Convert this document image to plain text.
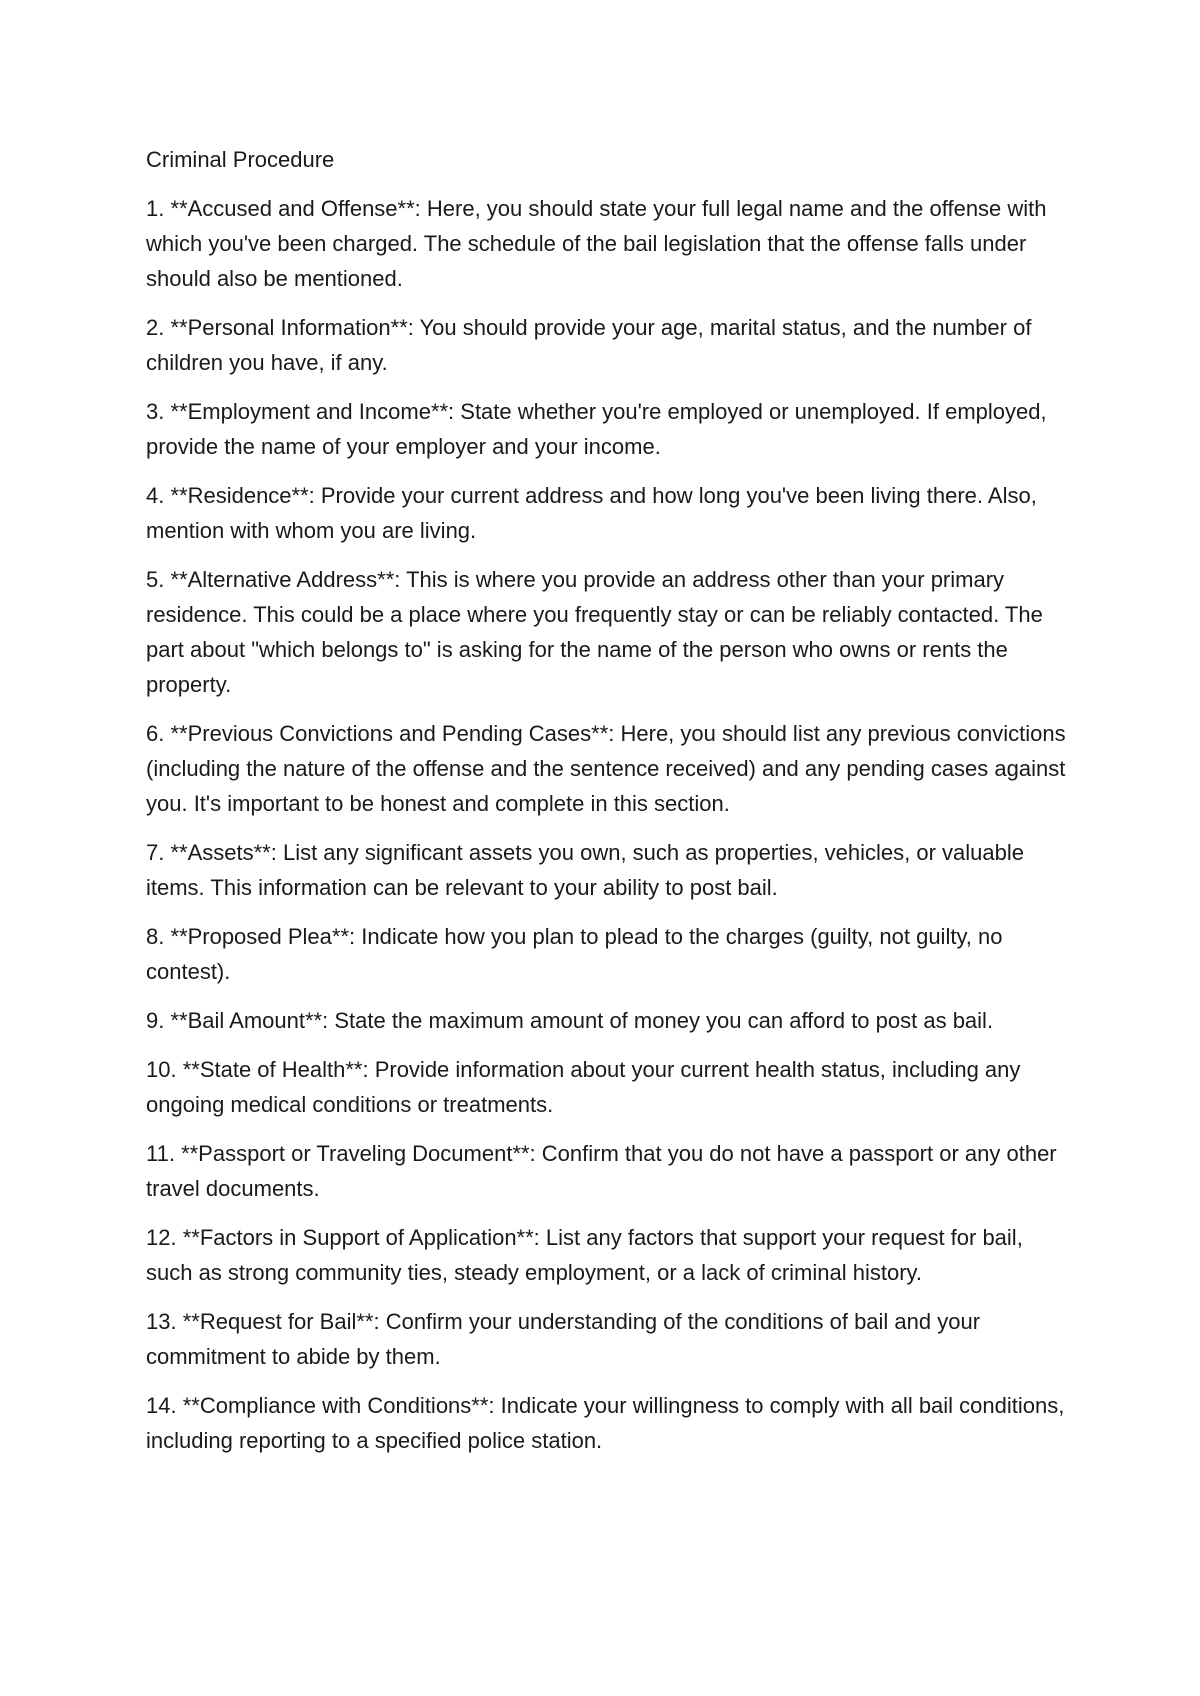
Criminal Procedure

1. **Accused and Offense**: Here, you should state your full legal name and the offense with which you've been charged. The schedule of the bail legislation that the offense falls under should also be mentioned.

2. **Personal Information**: You should provide your age, marital status, and the number of children you have, if any.

3. **Employment and Income**: State whether you're employed or unemployed. If employed, provide the name of your employer and your income.

4. **Residence**: Provide your current address and how long you've been living there. Also, mention with whom you are living.

5. **Alternative Address**: This is where you provide an address other than your primary residence. This could be a place where you frequently stay or can be reliably contacted. The part about "which belongs to" is asking for the name of the person who owns or rents the property.

6. **Previous Convictions and Pending Cases**: Here, you should list any previous convictions (including the nature of the offense and the sentence received) and any pending cases against you. It's important to be honest and complete in this section.

7. **Assets**: List any significant assets you own, such as properties, vehicles, or valuable items. This information can be relevant to your ability to post bail.

8. **Proposed Plea**: Indicate how you plan to plead to the charges (guilty, not guilty, no contest).

9. **Bail Amount**: State the maximum amount of money you can afford to post as bail.

10. **State of Health**: Provide information about your current health status, including any ongoing medical conditions or treatments.

11. **Passport or Traveling Document**: Confirm that you do not have a passport or any other travel documents.

12. **Factors in Support of Application**: List any factors that support your request for bail, such as strong community ties, steady employment, or a lack of criminal history.

13. **Request for Bail**: Confirm your understanding of the conditions of bail and your commitment to abide by them.

14. **Compliance with Conditions**: Indicate your willingness to comply with all bail conditions, including reporting to a specified police station.
